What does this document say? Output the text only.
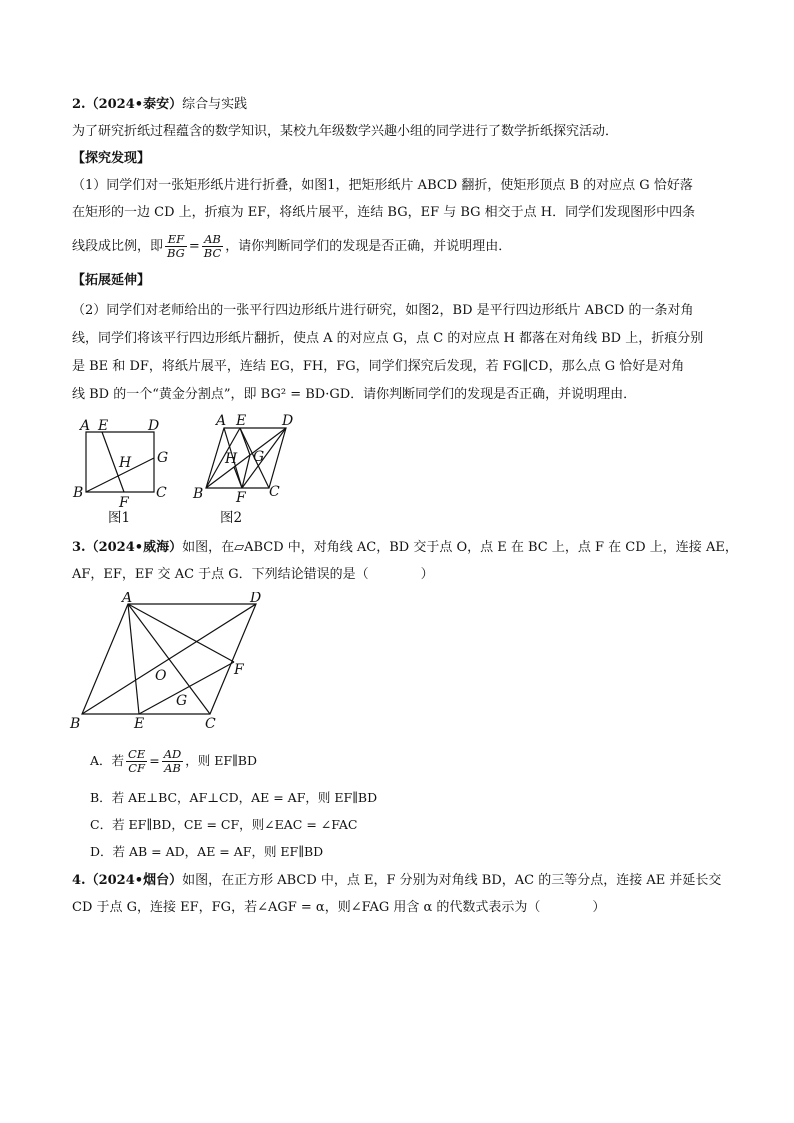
2.（2024•泰安）综合与实践
为了研究折纸过程蕴含的数学知识，某校九年级数学兴趣小组的同学进行了数学折纸探究活动．
【探究发现】
（1）同学们对一张矩形纸片进行折叠，如图1，把矩形纸片 ABCD 翻折，使矩形顶点 B 的对应点 G 恰好落
在矩形的一边 CD 上，折痕为 EF，将纸片展平，连结 BG，EF 与 BG 相交于点 H．同学们发现图形中四条
线段成比例，即 $\frac{EF}{BG} = \frac{AB}{BC}$ ，请你判断同学们的发现是否正确，并说明理由．
【拓展延伸】
（2）同学们对老师给出的一张平行四边形纸片进行研究，如图2，BD 是平行四边形纸片 ABCD 的一条对角
线，同学们将该平行四边形纸片翻折，使点 A 的对应点 G，点 C 的对应点 H 都落在对角线 BD 上，折痕分别
是 BE 和 DF，将纸片展平，连结 EG，FH，FG，同学们探究后发现，若 FG∥CD，那么点 G 恰好是对角
线 BD 的一个“黄金分割点”，即 BG² = BD·GD．请你判断同学们的发现是否正确，并说明理由．
A E	D
H G
B
F
C
图1
A E	D
H G
B F C
图2
3.（2024•威海）如图，在▱ABCD 中，对角线 AC，BD 交于点 O，点 E 在 BC 上，点 F 在 CD 上，连接 AE，
AF，EF，EF 交 AC 于点 G．下列结论错误的是（　　　　）
A	D
O	F
G
B	E	C
A．若 $\frac{CE}{CF} = \frac{AD}{AB}$ ，则 EF∥BD
B．若 AE⊥BC，AF⊥CD，AE = AF，则 EF∥BD
C．若 EF∥BD，CE = CF，则∠EAC = ∠FAC
D．若 AB = AD，AE = AF，则 EF∥BD
4.（2024•烟台）如图，在正方形 ABCD 中，点 E，F 分别为对角线 BD，AC 的三等分点，连接 AE 并延长交
CD 于点 G，连接 EF，FG，若∠AGF = α，则∠FAG 用含 α 的代数式表示为（　　　　）
